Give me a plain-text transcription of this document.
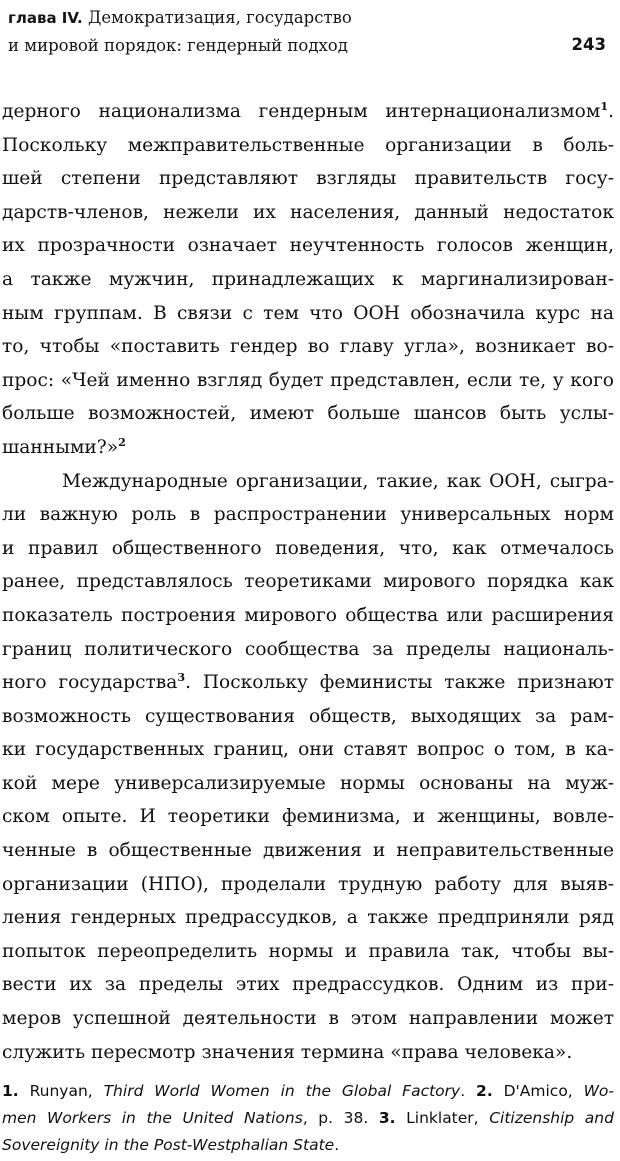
глава IV. Демократизация, государство
и мировой порядок: гендерный подход	243
дерного национализма гендерным интернационализмом$^1$.
Поскольку межправительственные организации в боль-
шей степени представляют взгляды правительств госу-
дарств-членов, нежели их населения, данный недостаток
их прозрачности означает неучтенность голосов женщин,
а также мужчин, принадлежащих к маргинализирован-
ным группам. В связи с тем что ООН обозначила курс на
то, чтобы «поставить гендер во главу угла», возникает во-
прос: «Чей именно взгляд будет представлен, если те, у кого
больше возможностей, имеют больше шансов быть услы-
шанными?»$^2$
Международные организации, такие, как ООН, сыгра-
ли важную роль в распространении универсальных норм
и правил общественного поведения, что, как отмечалось
ранее, представлялось теоретиками мирового порядка как
показатель построения мирового общества или расширения
границ политического сообщества за пределы националь-
ного государства$^3$. Поскольку феминисты также признают
возможность существования обществ, выходящих за рам-
ки государственных границ, они ставят вопрос о том, в ка-
кой мере универсализируемые нормы основаны на муж-
ском опыте. И теоретики феминизма, и женщины, вовле-
ченные в общественные движения и неправительственные
организации (НПО), проделали трудную работу для выяв-
ления гендерных предрассудков, а также предприняли ряд
попыток переопределить нормы и правила так, чтобы вы-
вести их за пределы этих предрассудков. Одним из при-
меров успешной деятельности в этом направлении может
служить пересмотр значения термина «права человека».
1. Runyan, Third World Women in the Global Factory. 2. D'Amico, Wo-
men Workers in the United Nations, p. 38. 3. Linklater, Citizenship and
Sovereignity in the Post-Westphalian State.
